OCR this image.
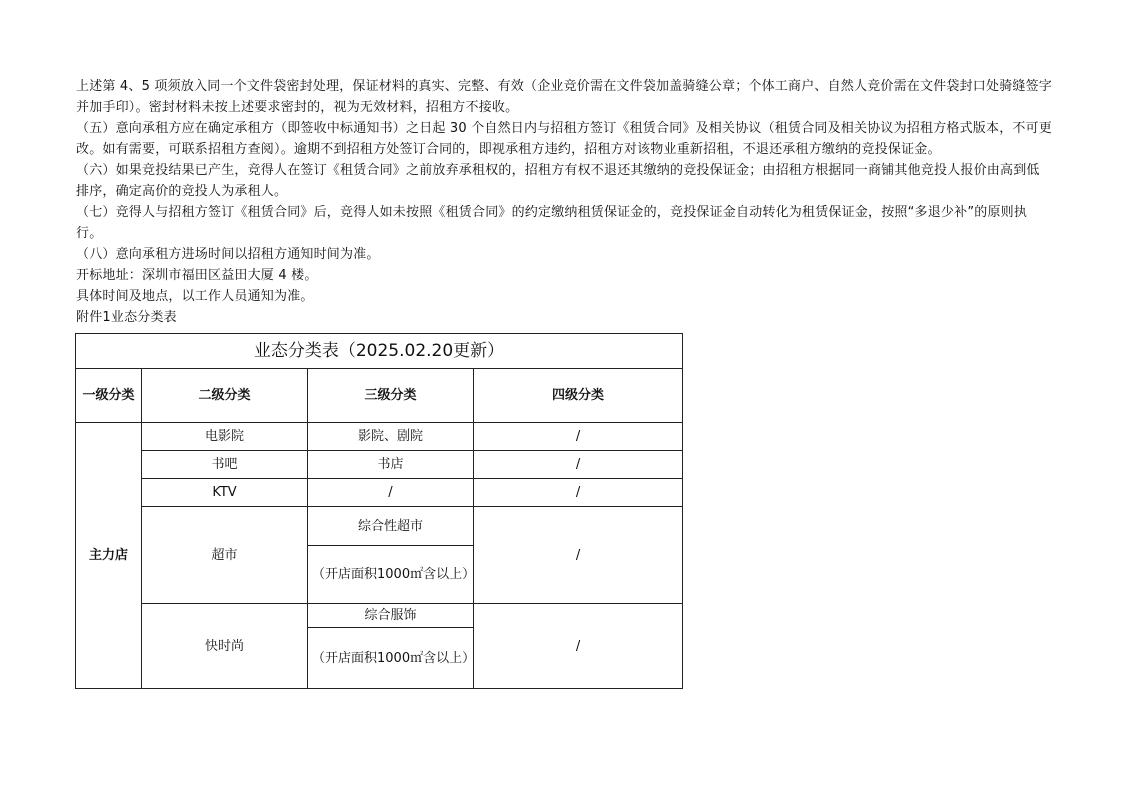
上述第 4、5 项须放入同一个文件袋密封处理，保证材料的真实、完整、有效（企业竞价需在文件袋加盖骑缝公章；个体工商户、自然人竞价需在文件袋封口处骑缝签字并加手印）。密封材料未按上述要求密封的，视为无效材料，招租方不接收。

（五）意向承租方应在确定承租方（即签收中标通知书）之日起 30 个自然日内与招租方签订《租赁合同》及相关协议（租赁合同及相关协议为招租方格式版本，不可更改。如有需要，可联系招租方查阅）。逾期不到招租方处签订合同的，即视承租方违约，招租方对该物业重新招租，不退还承租方缴纳的竞投保证金。

（六）如果竞投结果已产生，竞得人在签订《租赁合同》之前放弃承租权的，招租方有权不退还其缴纳的竞投保证金；由招租方根据同一商铺其他竞投人报价由高到低排序，确定高价的竞投人为承租人。

（七）竞得人与招租方签订《租赁合同》后，竞得人如未按照《租赁合同》的约定缴纳租赁保证金的，竞投保证金自动转化为租赁保证金，按照“多退少补”的原则执行。

（八）意向承租方进场时间以招租方通知时间为准。

开标地址：深圳市福田区益田大厦 4 楼。

具体时间及地点，以工作人员通知为准。

附件1业态分类表

业态分类表（2025.02.20更新）			
一级分类	二级分类	三级分类	四级分类
主力店	电影院	影院、剧院	/
	书吧	书店	/
	KTV	/	/
	超市	综合性超市	/
		（开店面积1000㎡含以上）	
	快时尚	综合服饰	/
		（开店面积1000㎡含以上）	
